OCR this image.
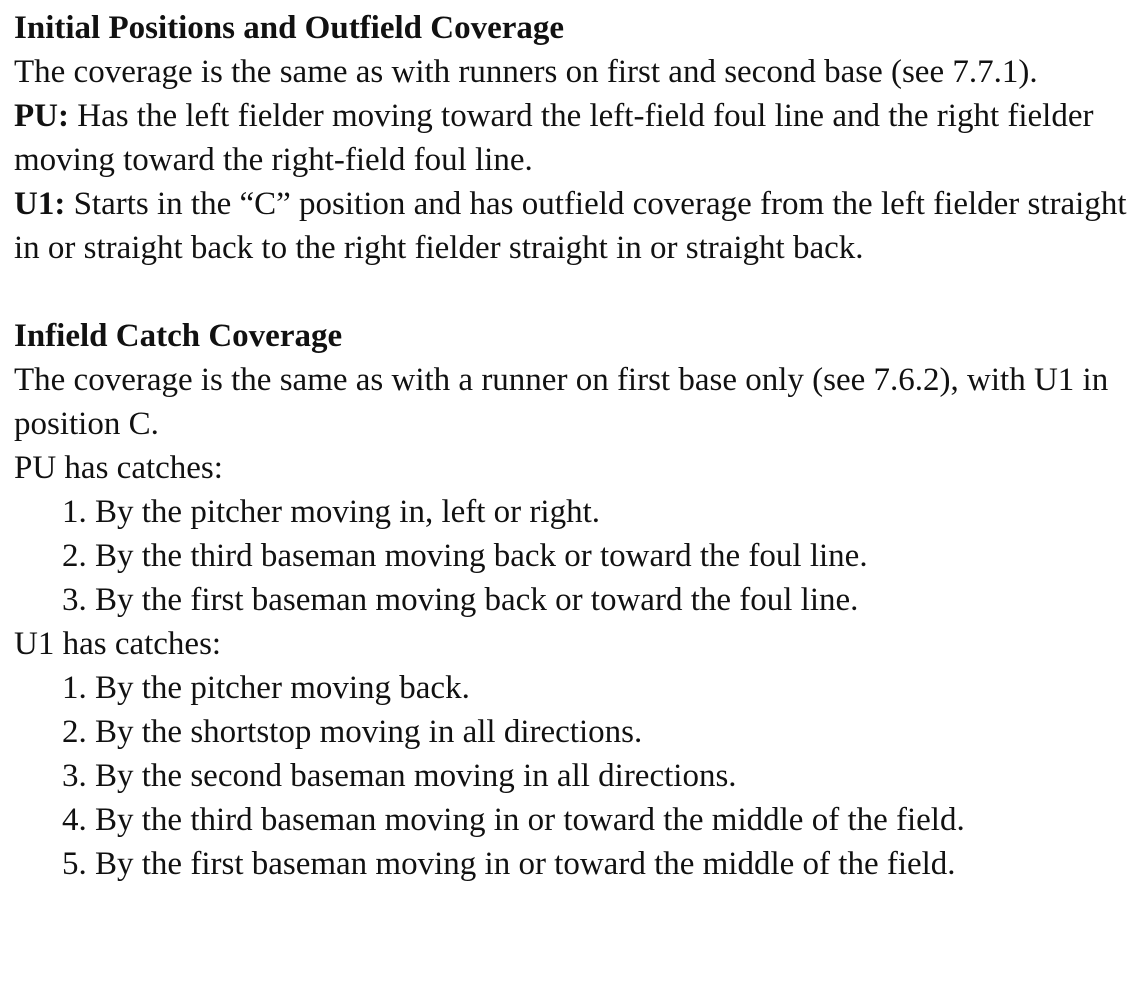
Initial Positions and Outfield Coverage

The coverage is the same as with runners on first and second base (see 7.7.1).

PU: Has the left fielder moving toward the left-field foul line and the right fielder moving toward the right-field foul line.

U1: Starts in the “C” position and has outfield coverage from the left fielder straight in or straight back to the right fielder straight in or straight back.

Infield Catch Coverage

The coverage is the same as with a runner on first base only (see 7.6.2), with U1 in position C.

PU has catches:

1. By the pitcher moving in, left or right.
2. By the third baseman moving back or toward the foul line.
3. By the first baseman moving back or toward the foul line.

U1 has catches:

1. By the pitcher moving back.
2. By the shortstop moving in all directions.
3. By the second baseman moving in all directions.
4. By the third baseman moving in or toward the middle of the field.
5. By the first baseman moving in or toward the middle of the field.
